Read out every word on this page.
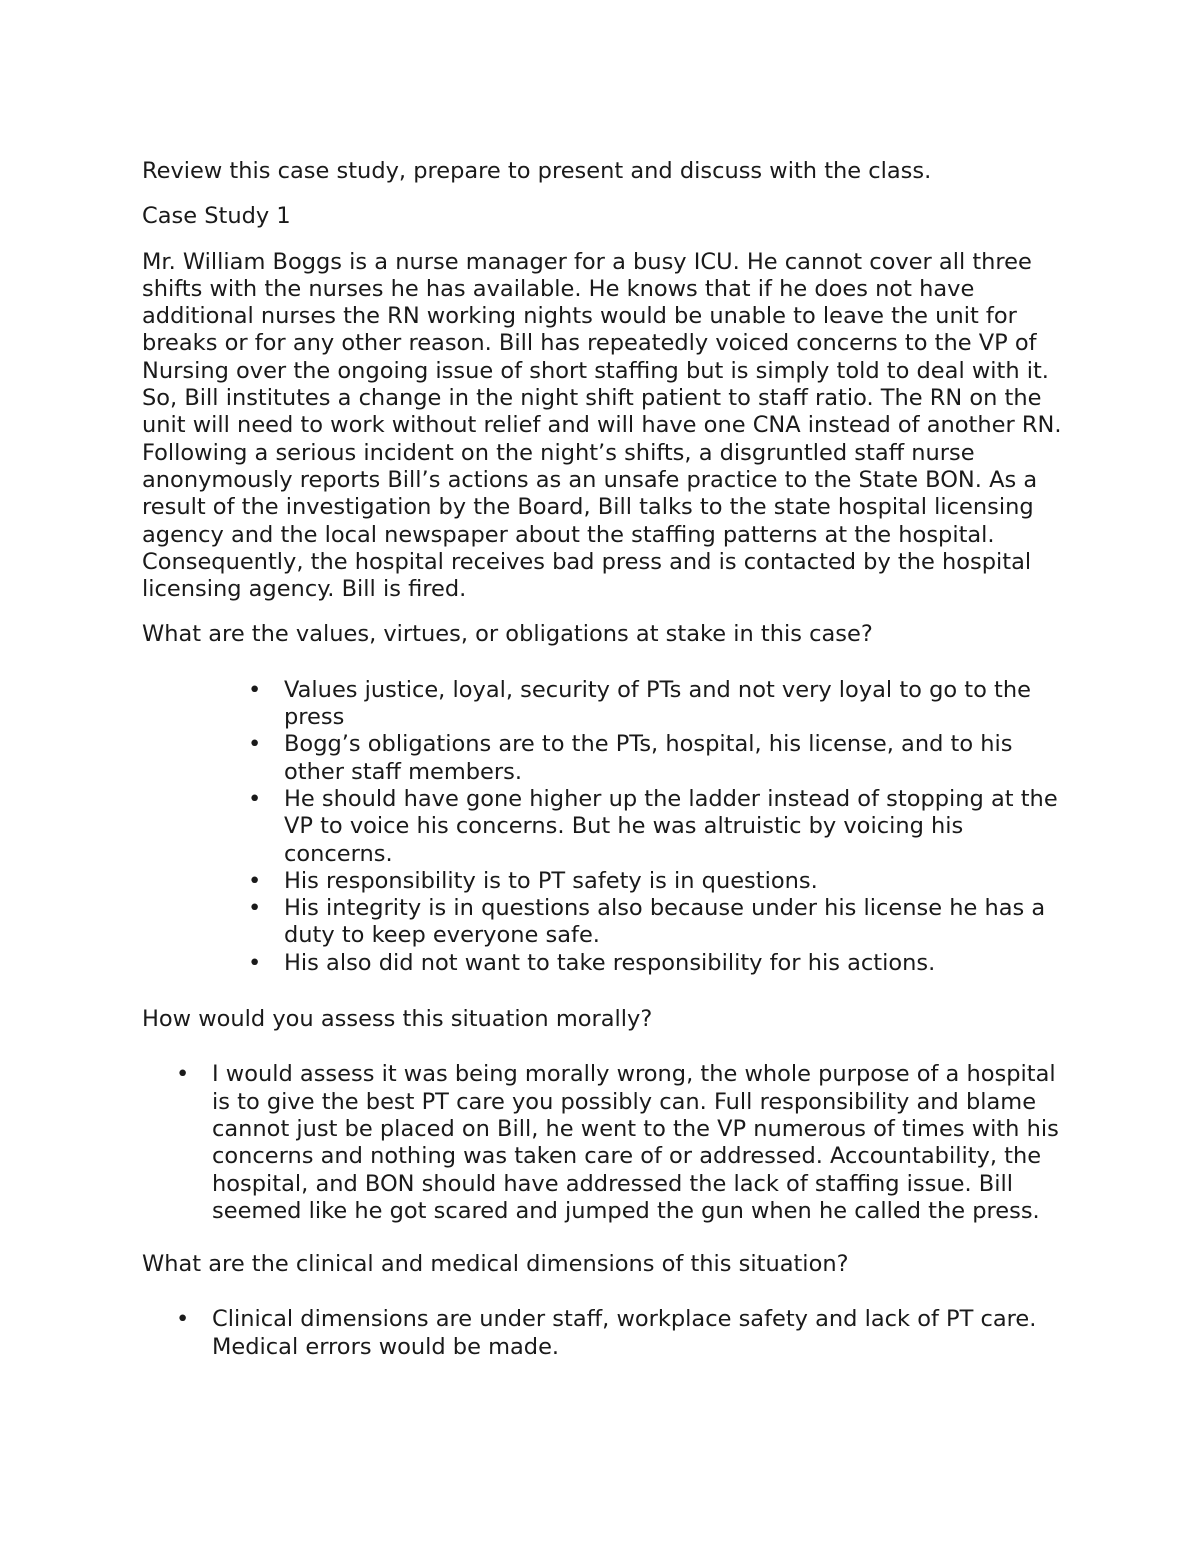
Review this case study, prepare to present and discuss with the class.

Case Study 1

Mr. William Boggs is a nurse manager for a busy ICU. He cannot cover all three shifts with the nurses he has available. He knows that if he does not have additional nurses the RN working nights would be unable to leave the unit for breaks or for any other reason. Bill has repeatedly voiced concerns to the VP of Nursing over the ongoing issue of short staffing but is simply told to deal with it. So, Bill institutes a change in the night shift patient to staff ratio. The RN on the unit will need to work without relief and will have one CNA instead of another RN. Following a serious incident on the night’s shifts, a disgruntled staff nurse anonymously reports Bill’s actions as an unsafe practice to the State BON. As a result of the investigation by the Board, Bill talks to the state hospital licensing agency and the local newspaper about the staffing patterns at the hospital. Consequently, the hospital receives bad press and is contacted by the hospital licensing agency. Bill is fired.

What are the values, virtues, or obligations at stake in this case?

• Values justice, loyal, security of PTs and not very loyal to go to the press
• Bogg’s obligations are to the PTs, hospital, his license, and to his other staff members.
• He should have gone higher up the ladder instead of stopping at the VP to voice his concerns. But he was altruistic by voicing his concerns.
• His responsibility is to PT safety is in questions.
• His integrity is in questions also because under his license he has a duty to keep everyone safe.
• His also did not want to take responsibility for his actions.

How would you assess this situation morally?

• I would assess it was being morally wrong, the whole purpose of a hospital is to give the best PT care you possibly can. Full responsibility and blame cannot just be placed on Bill, he went to the VP numerous of times with his concerns and nothing was taken care of or addressed. Accountability, the hospital, and BON should have addressed the lack of staffing issue. Bill seemed like he got scared and jumped the gun when he called the press.

What are the clinical and medical dimensions of this situation?

• Clinical dimensions are under staff, workplace safety and lack of PT care. Medical errors would be made.
